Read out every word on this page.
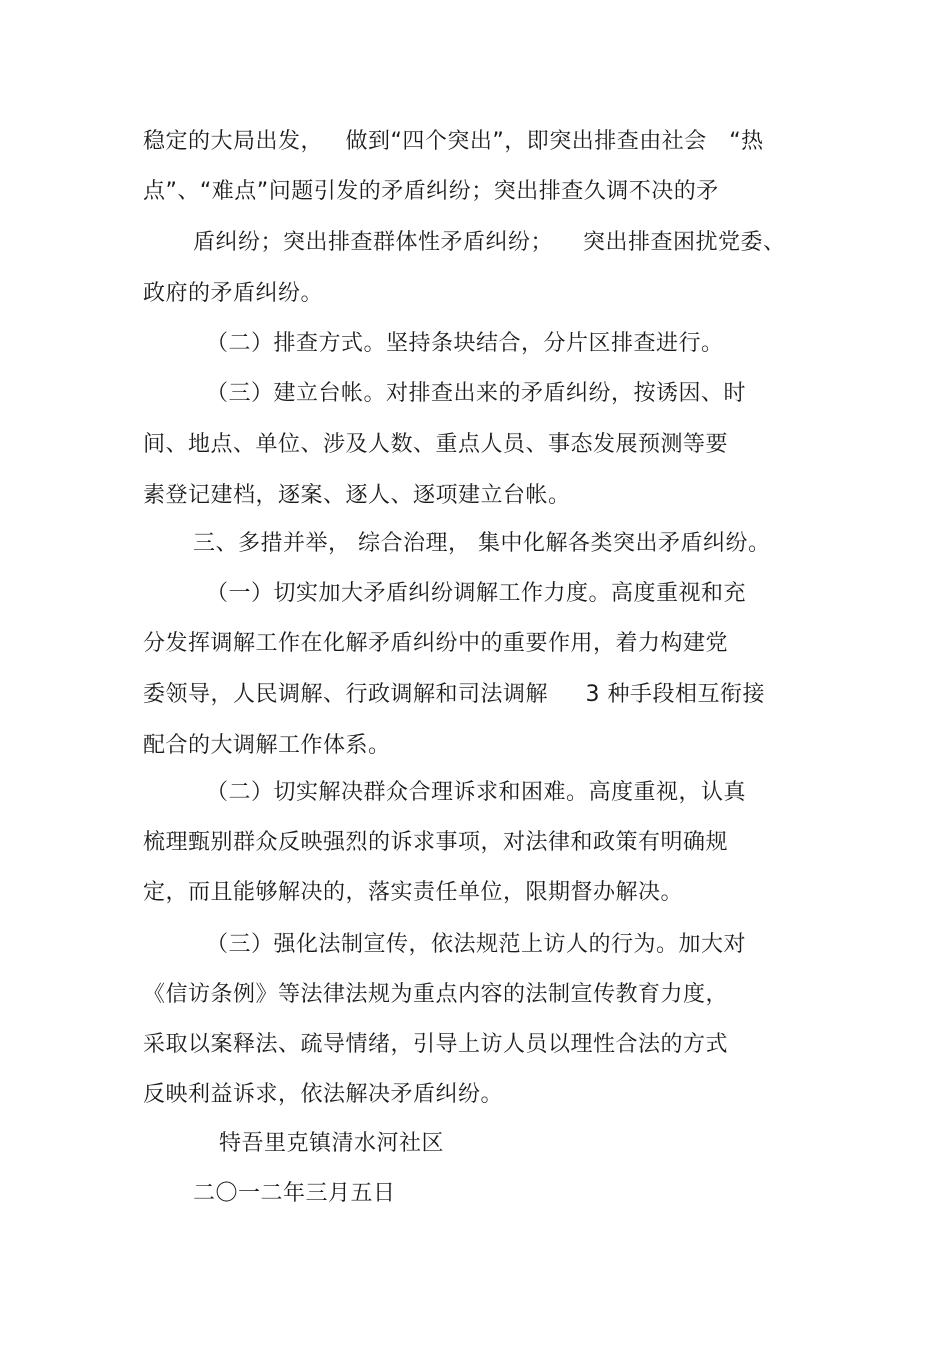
稳定的大局出发，   做到“四个突出”，即突出排查由社会   “热
点”、“难点”问题引发的矛盾纠纷；突出排查久调不决的矛
盾纠纷；突出排查群体性矛盾纠纷；    突出排查困扰党委、
政府的矛盾纠纷。
（二）排查方式。坚持条块结合，分片区排查进行。
（三）建立台帐。对排查出来的矛盾纠纷，按诱因、时
间、地点、单位、涉及人数、重点人员、事态发展预测等要
素登记建档，逐案、逐人、逐项建立台帐。
三、多措并举， 综合治理， 集中化解各类突出矛盾纠纷。
（一）切实加大矛盾纠纷调解工作力度。高度重视和充
分发挥调解工作在化解矛盾纠纷中的重要作用，着力构建党
委领导，人民调解、行政调解和司法调解     3 种手段相互衔接
配合的大调解工作体系。
（二）切实解决群众合理诉求和困难。高度重视，认真
梳理甄别群众反映强烈的诉求事项，对法律和政策有明确规
定，而且能够解决的，落实责任单位，限期督办解决。
（三）强化法制宣传，依法规范上访人的行为。加大对
《信访条例》等法律法规为重点内容的法制宣传教育力度，
采取以案释法、疏导情绪，引导上访人员以理性合法的方式
反映利益诉求，依法解决矛盾纠纷。
特吾里克镇清水河社区
二〇一二年三月五日
